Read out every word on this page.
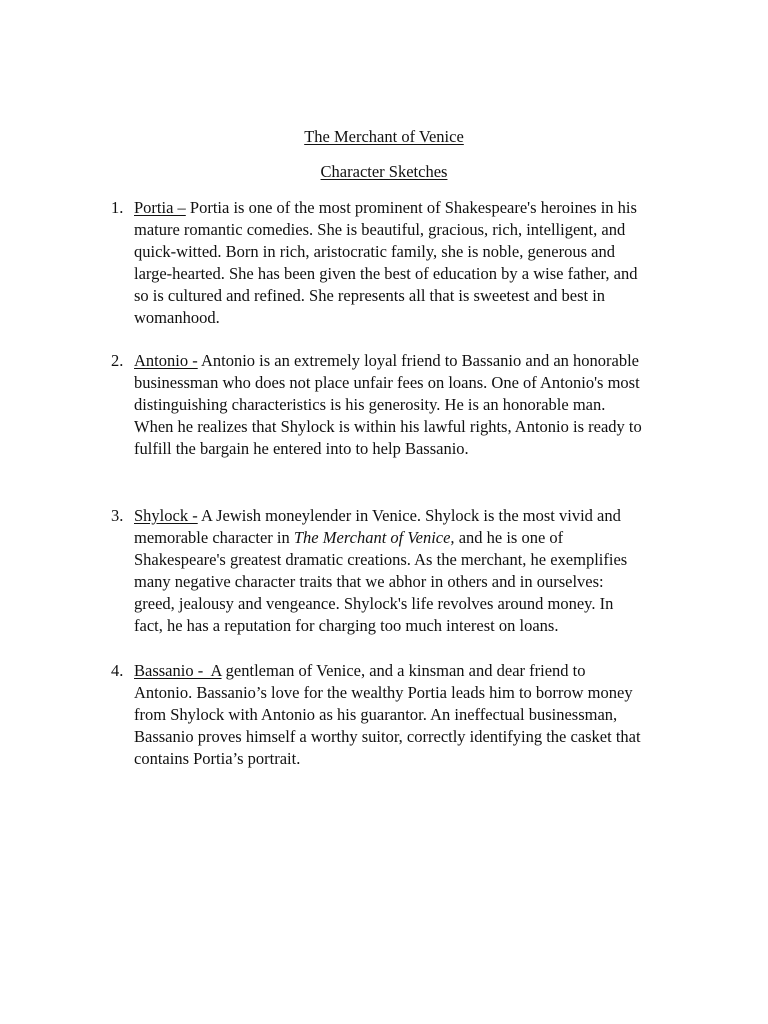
The Merchant of Venice
Character Sketches
1. Portia – Portia is one of the most prominent of Shakespeare's heroines in his
mature romantic comedies. She is beautiful, gracious, rich, intelligent, and
quick-witted. Born in rich, aristocratic family, she is noble, generous and
large-hearted. She has been given the best of education by a wise father, and
so is cultured and refined. She represents all that is sweetest and best in
womanhood.
2. Antonio - Antonio is an extremely loyal friend to Bassanio and an honorable
businessman who does not place unfair fees on loans. One of Antonio's most
distinguishing characteristics is his generosity. He is an honorable man.
When he realizes that Shylock is within his lawful rights, Antonio is ready to
fulfill the bargain he entered into to help Bassanio.
3. Shylock - A Jewish moneylender in Venice. Shylock is the most vivid and
memorable character in The Merchant of Venice, and he is one of
Shakespeare's greatest dramatic creations. As the merchant, he exemplifies
many negative character traits that we abhor in others and in ourselves:
greed, jealousy and vengeance. Shylock's life revolves around money. In
fact, he has a reputation for charging too much interest on loans.
4. Bassanio -  A gentleman of Venice, and a kinsman and dear friend to
Antonio. Bassanio’s love for the wealthy Portia leads him to borrow money
from Shylock with Antonio as his guarantor. An ineffectual businessman,
Bassanio proves himself a worthy suitor, correctly identifying the casket that
contains Portia’s portrait.
